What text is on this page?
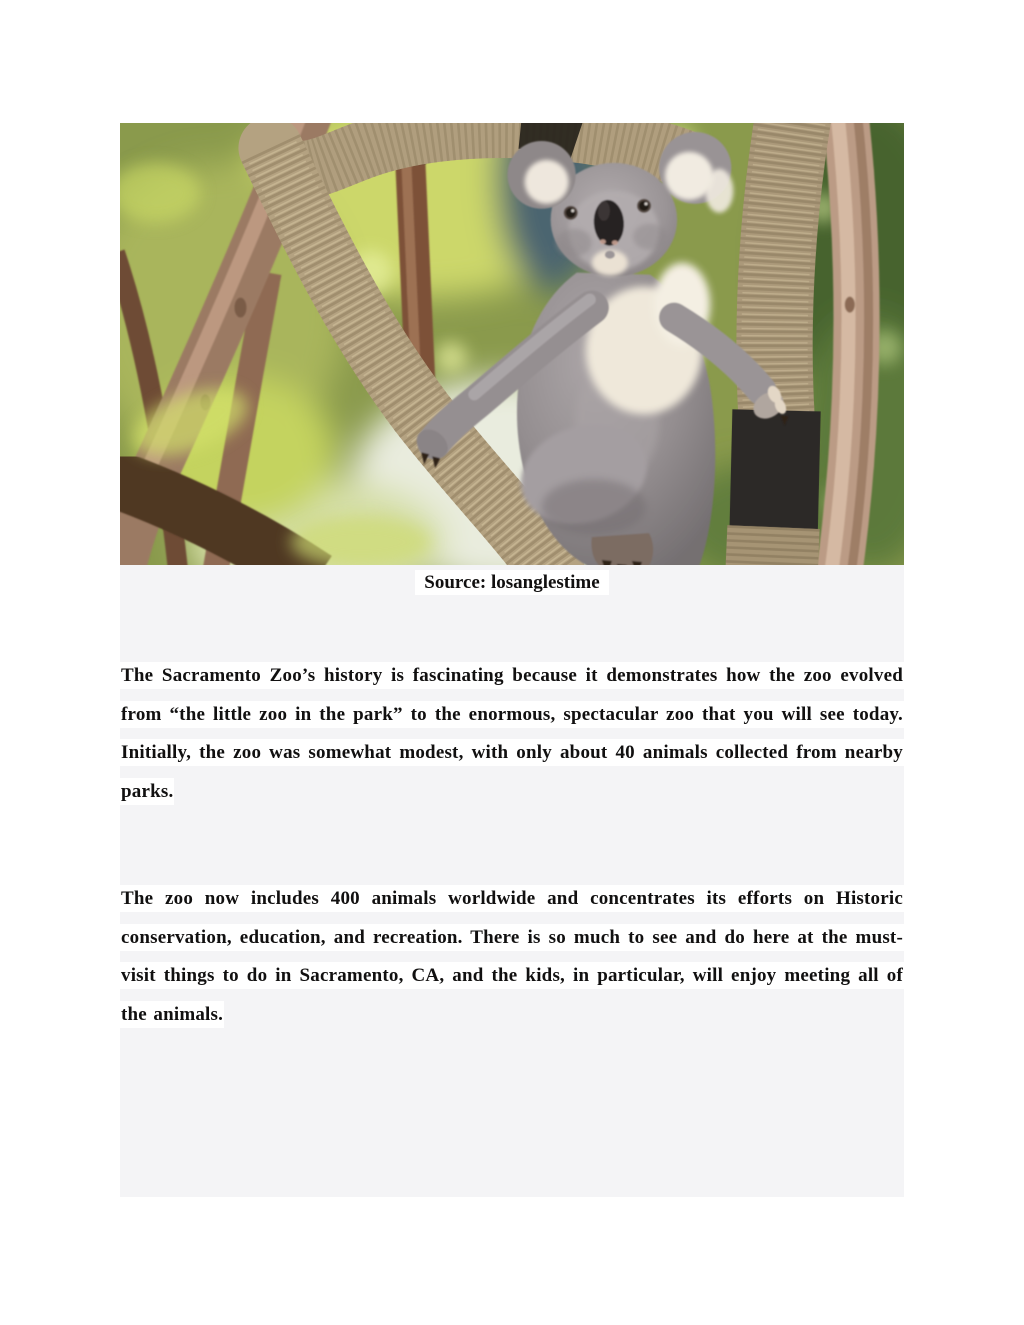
Source: losanglestime

The Sacramento Zoo’s history is fascinating because it demonstrates how the zoo evolved from “the little zoo in the park” to the enormous, spectacular zoo that you will see today. Initially, the zoo was somewhat modest, with only about 40 animals collected from nearby parks.

The zoo now includes 400 animals worldwide and concentrates its efforts on Historic conservation, education, and recreation. There is so much to see and do here at the must-visit things to do in Sacramento, CA, and the kids, in particular, will enjoy meeting all of the animals.
